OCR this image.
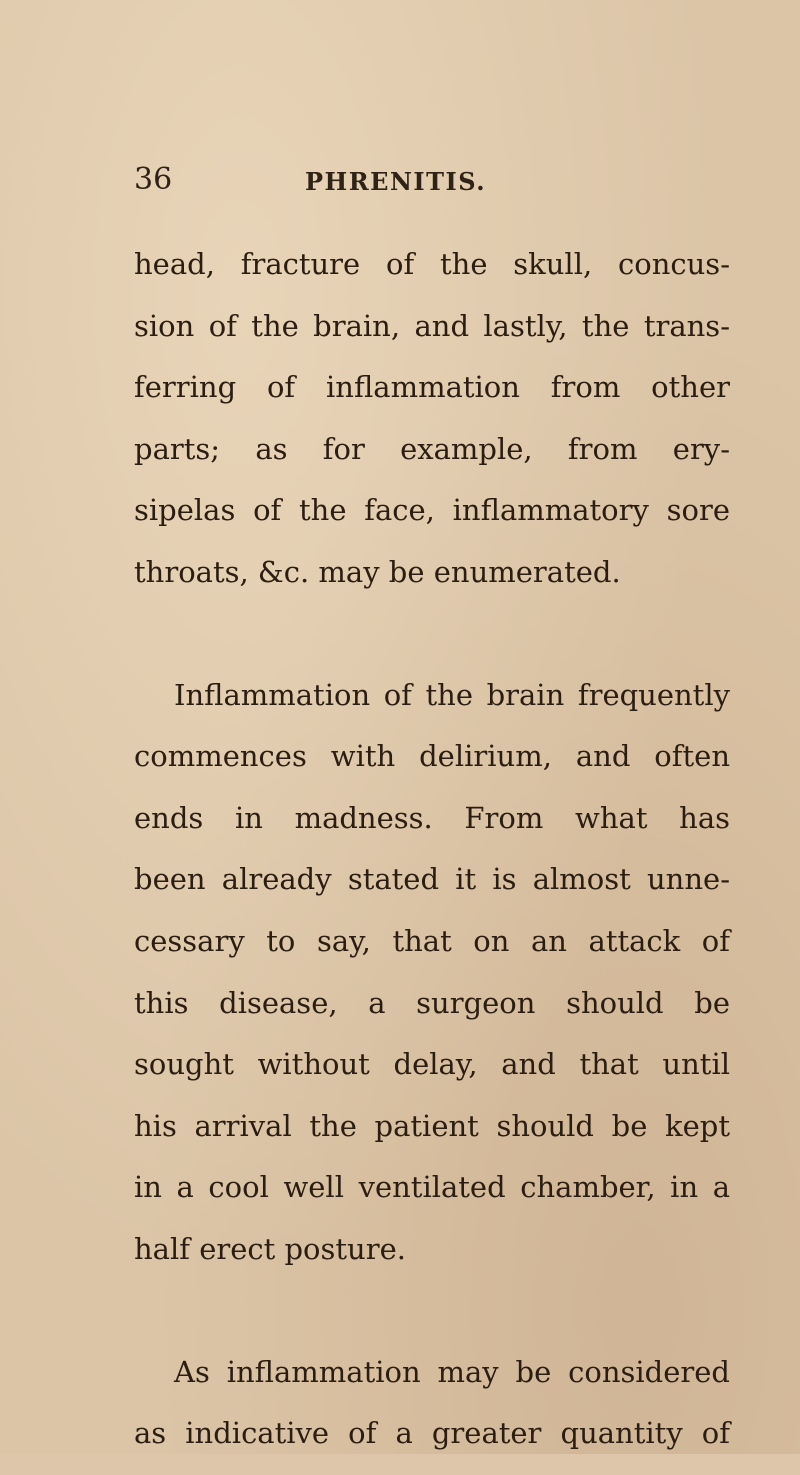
36	PHRENITIS.
head, fracture of the skull, concus-
sion of the brain, and lastly, the trans-
ferring of inflammation from other
parts; as for example, from ery-
sipelas of the face, inflammatory sore
throats, &c. may be enumerated.
Inflammation of the brain frequently
commences with delirium, and often
ends in madness. From what has
been already stated it is almost unne-
cessary to say, that on an attack of
this disease, a surgeon should be
sought without delay, and that until
his arrival the patient should be kept
in a cool well ventilated chamber, in a
half erect posture.
As inflammation may be considered
as indicative of a greater quantity of
